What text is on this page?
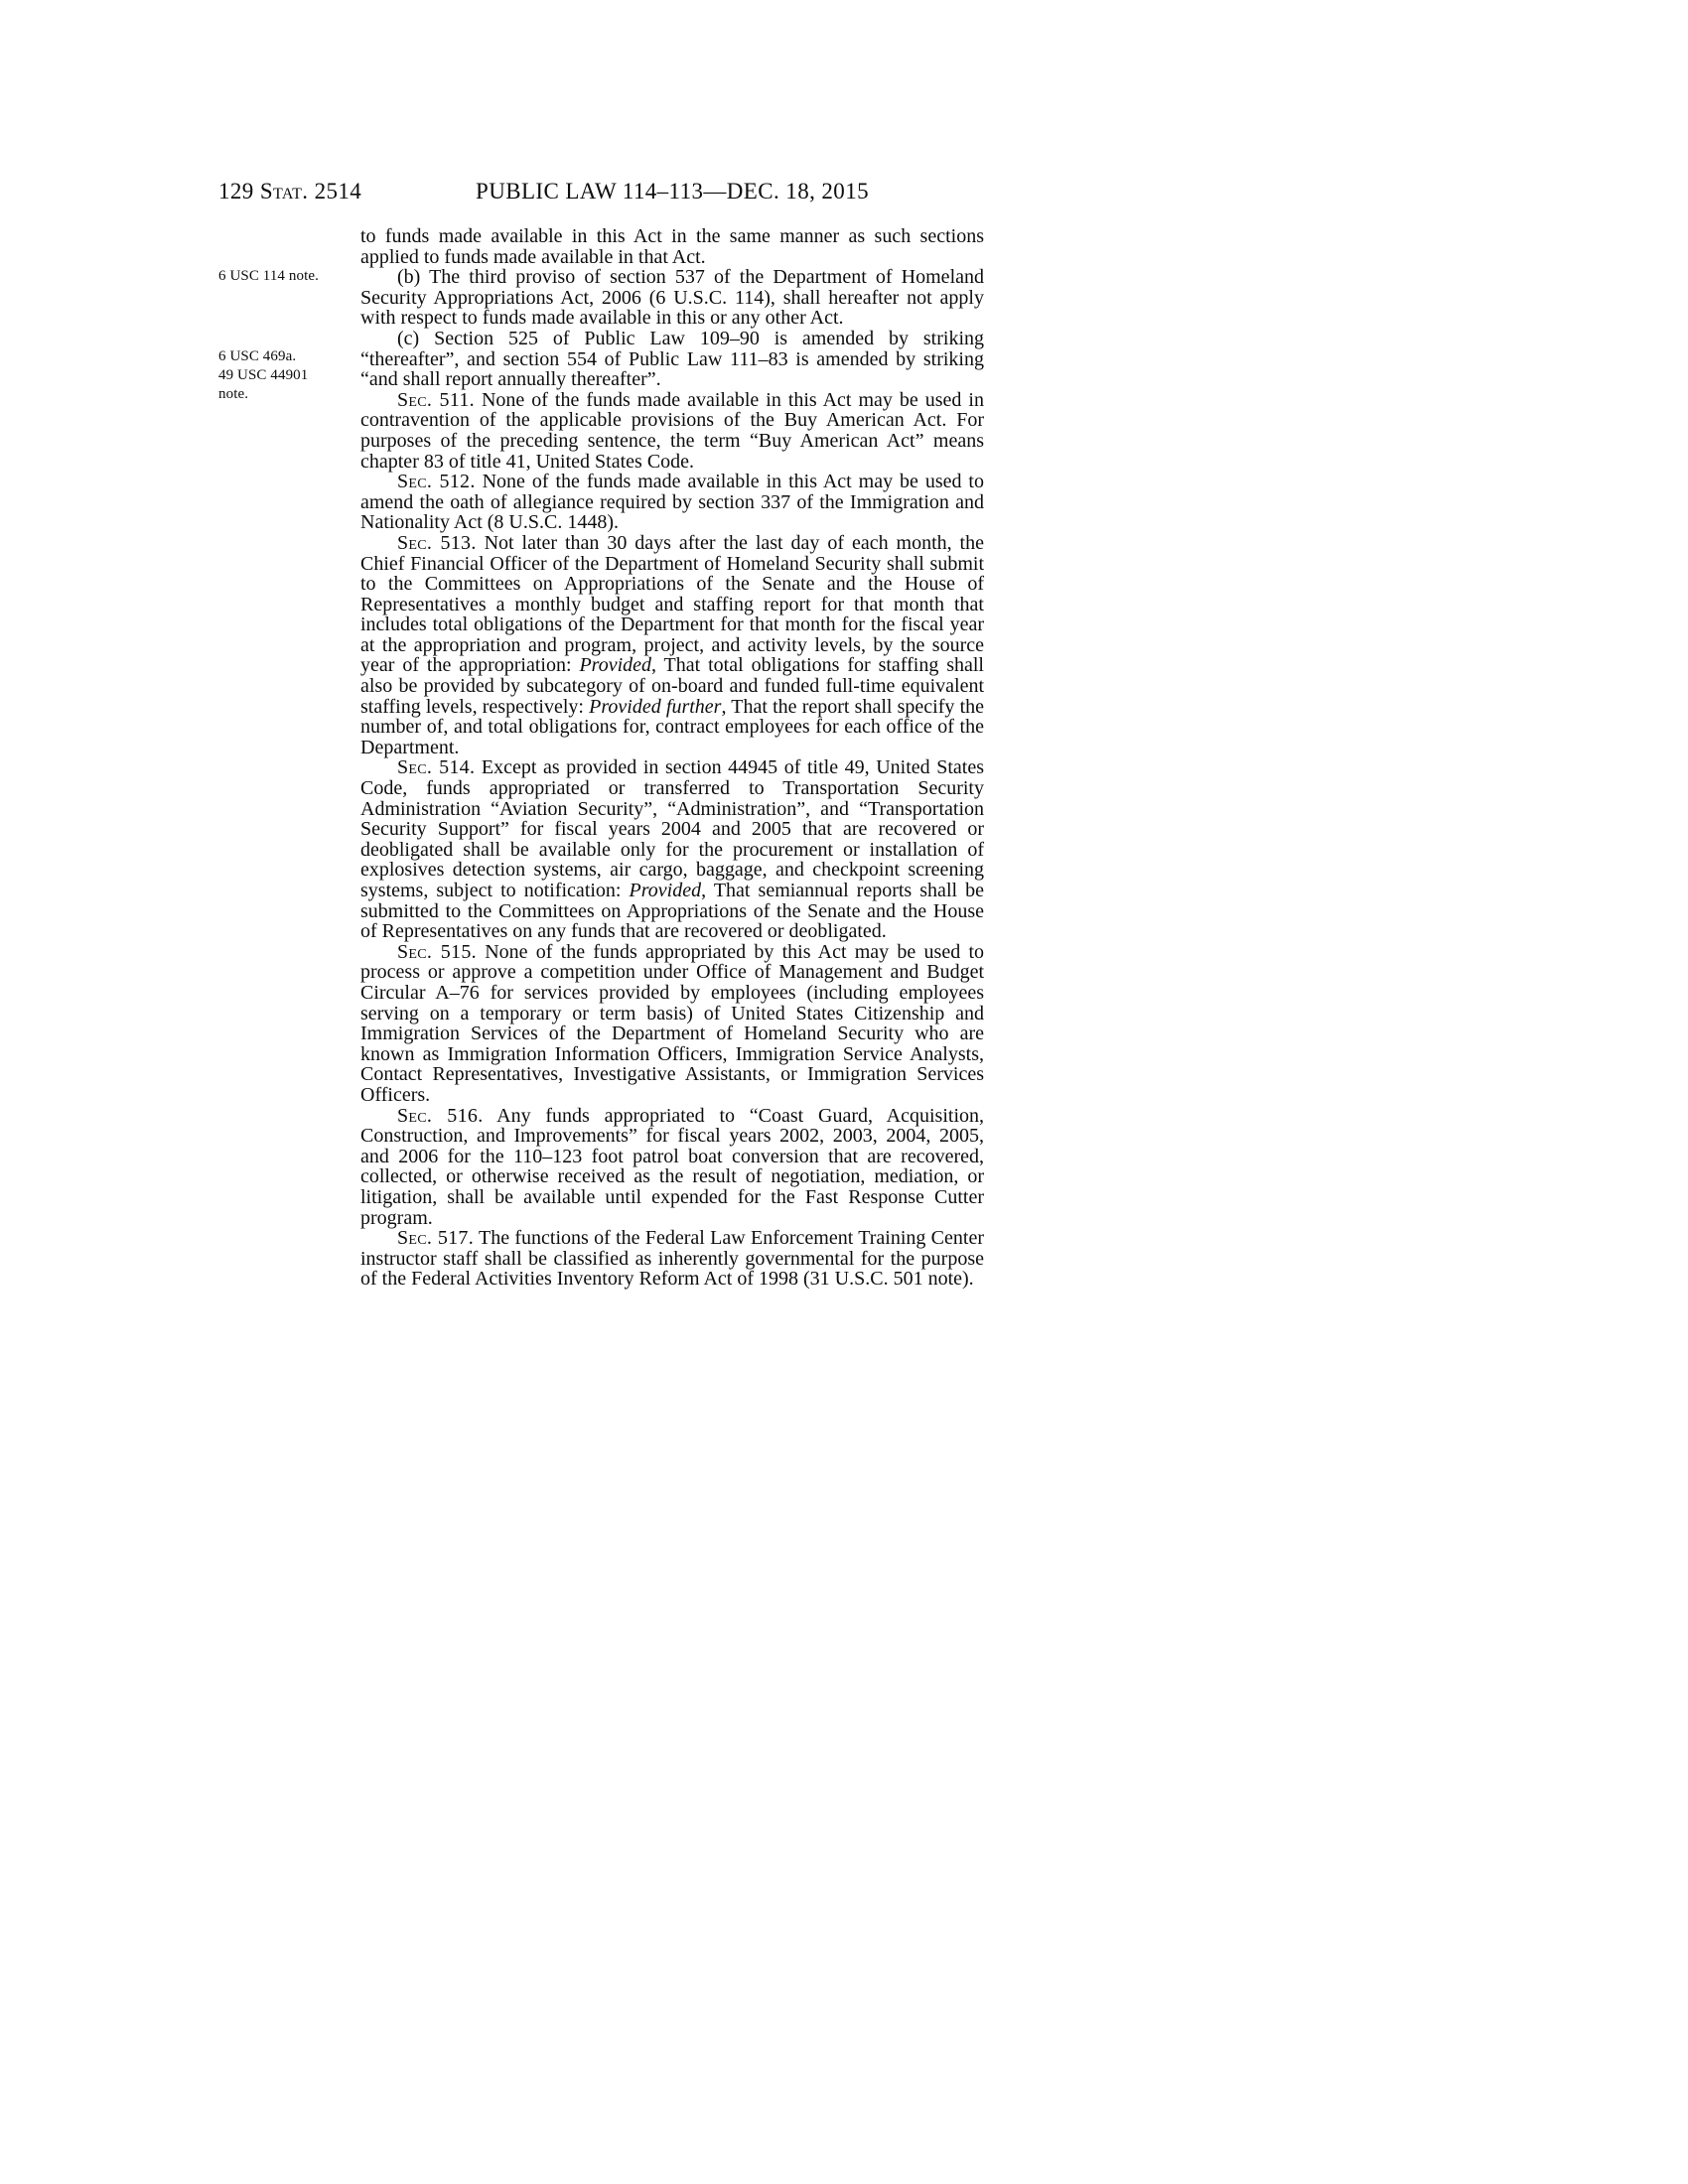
129 Stat. 2514	PUBLIC LAW 114–113—DEC. 18, 2015
6 USC 114 note.
6 USC 469a.
49 USC 44901 note.

to funds made available in this Act in the same manner as such sections applied to funds made available in that Act.

(b) The third proviso of section 537 of the Department of Homeland Security Appropriations Act, 2006 (6 U.S.C. 114), shall hereafter not apply with respect to funds made available in this or any other Act.

(c) Section 525 of Public Law 109–90 is amended by striking “thereafter”, and section 554 of Public Law 111–83 is amended by striking “and shall report annually thereafter”.

Sec. 511. None of the funds made available in this Act may be used in contravention of the applicable provisions of the Buy American Act. For purposes of the preceding sentence, the term “Buy American Act” means chapter 83 of title 41, United States Code.

Sec. 512. None of the funds made available in this Act may be used to amend the oath of allegiance required by section 337 of the Immigration and Nationality Act (8 U.S.C. 1448).

Sec. 513. Not later than 30 days after the last day of each month, the Chief Financial Officer of the Department of Homeland Security shall submit to the Committees on Appropriations of the Senate and the House of Representatives a monthly budget and staffing report for that month that includes total obligations of the Department for that month for the fiscal year at the appropriation and program, project, and activity levels, by the source year of the appropriation: Provided, That total obligations for staffing shall also be provided by subcategory of on-board and funded full-time equivalent staffing levels, respectively: Provided further, That the report shall specify the number of, and total obligations for, contract employees for each office of the Department.

Sec. 514. Except as provided in section 44945 of title 49, United States Code, funds appropriated or transferred to Transportation Security Administration “Aviation Security”, “Administration”, and “Transportation Security Support” for fiscal years 2004 and 2005 that are recovered or deobligated shall be available only for the procurement or installation of explosives detection systems, air cargo, baggage, and checkpoint screening systems, subject to notification: Provided, That semiannual reports shall be submitted to the Committees on Appropriations of the Senate and the House of Representatives on any funds that are recovered or deobligated.

Sec. 515. None of the funds appropriated by this Act may be used to process or approve a competition under Office of Management and Budget Circular A–76 for services provided by employees (including employees serving on a temporary or term basis) of United States Citizenship and Immigration Services of the Department of Homeland Security who are known as Immigration Information Officers, Immigration Service Analysts, Contact Representatives, Investigative Assistants, or Immigration Services Officers.

Sec. 516. Any funds appropriated to “Coast Guard, Acquisition, Construction, and Improvements” for fiscal years 2002, 2003, 2004, 2005, and 2006 for the 110–123 foot patrol boat conversion that are recovered, collected, or otherwise received as the result of negotiation, mediation, or litigation, shall be available until expended for the Fast Response Cutter program.

Sec. 517. The functions of the Federal Law Enforcement Training Center instructor staff shall be classified as inherently governmental for the purpose of the Federal Activities Inventory Reform Act of 1998 (31 U.S.C. 501 note).
